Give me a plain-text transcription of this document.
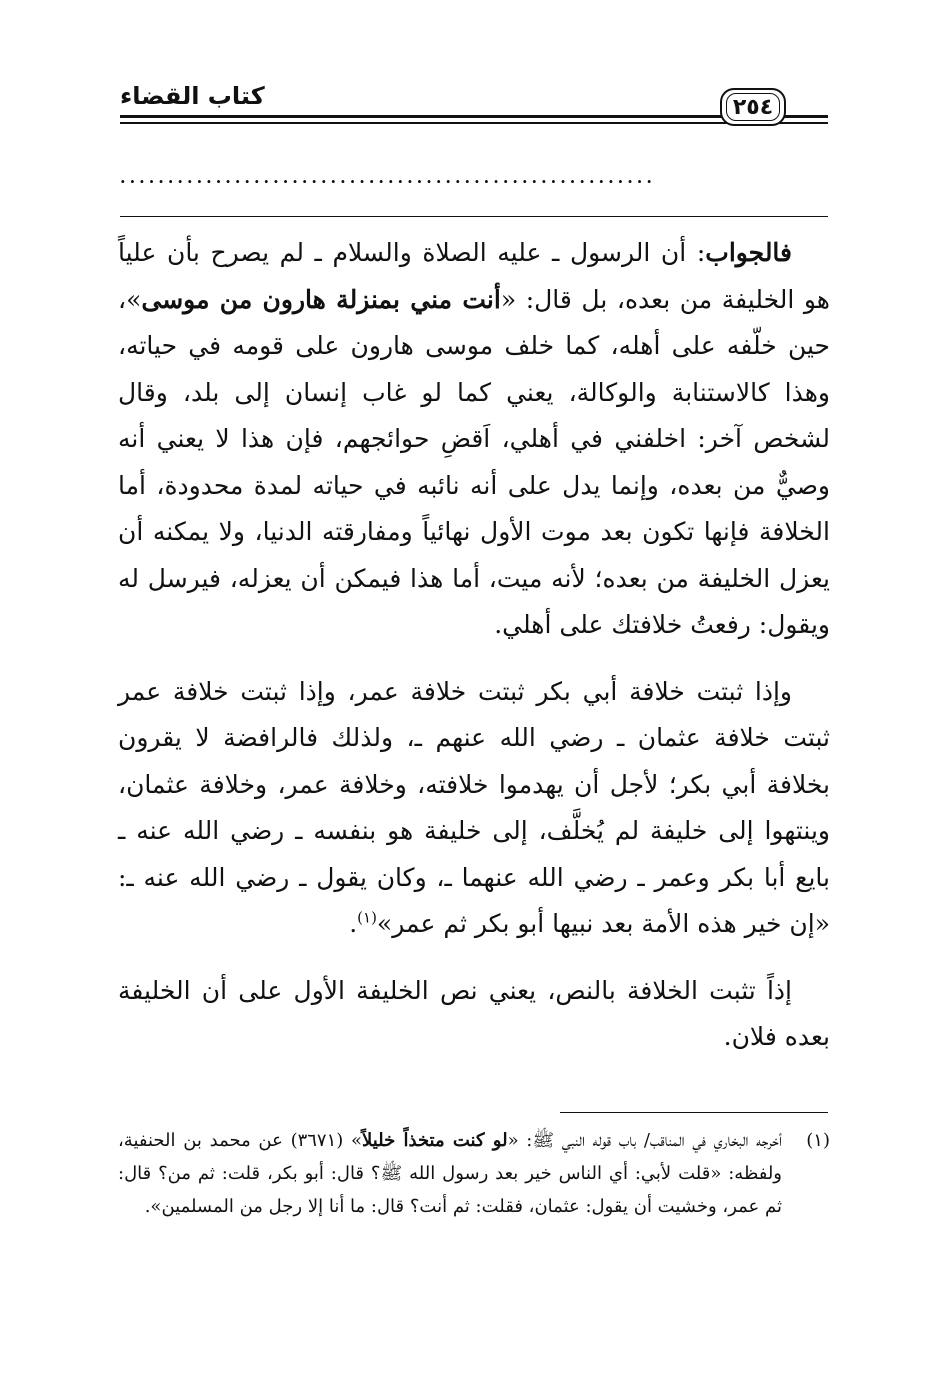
كتاب القضاء	٢٥٤
........................................................

فالجواب: أن الرسول ـ عليه الصلاة والسلام ـ لم يصرح بأن علياً هو الخليفة من بعده، بل قال: «أنت مني بمنزلة هارون من موسى»، حين خلّفه على أهله، كما خلف موسى هارون على قومه في حياته، وهذا كالاستنابة والوكالة، يعني كما لو غاب إنسان إلى بلد، وقال لشخص آخر: اخلفني في أهلي، اَقضِ حوائجهم، فإن هذا لا يعني أنه وصيٌّ من بعده، وإنما يدل على أنه نائبه في حياته لمدة محدودة، أما الخلافة فإنها تكون بعد موت الأول نهائياً ومفارقته الدنيا، ولا يمكنه أن يعزل الخليفة من بعده؛ لأنه ميت، أما هذا فيمكن أن يعزله، فيرسل له ويقول: رفعتُ خلافتك على أهلي.

وإذا ثبتت خلافة أبي بكر ثبتت خلافة عمر، وإذا ثبتت خلافة عمر ثبتت خلافة عثمان ـ رضي الله عنهم ـ، ولذلك فالرافضة لا يقرون بخلافة أبي بكر؛ لأجل أن يهدموا خلافته، وخلافة عمر، وخلافة عثمان، وينتهوا إلى خليفة لم يُخلَّف، إلى خليفة هو بنفسه ـ رضي الله عنه ـ بايع أبا بكر وعمر ـ رضي الله عنهما ـ، وكان يقول ـ رضي الله عنه ـ: «إن خير هذه الأمة بعد نبيها أبو بكر ثم عمر»$^{(١)}$.

إذاً تثبت الخلافة بالنص، يعني نص الخليفة الأول على أن الخليفة بعده فلان.

(١)
أخرجه البخاري في المناقب/ باب قوله النبي ﷺ: «لو كنت متخذاً خليلاً» (٣٦٧١) عن محمد بن الحنفية، ولفظه: «قلت لأبي: أي الناس خير بعد رسول الله ﷺ؟ قال: أبو بكر، قلت: ثم من؟ قال: ثم عمر، وخشيت أن يقول: عثمان، فقلت: ثم أنت؟ قال: ما أنا إلا رجل من المسلمين».
